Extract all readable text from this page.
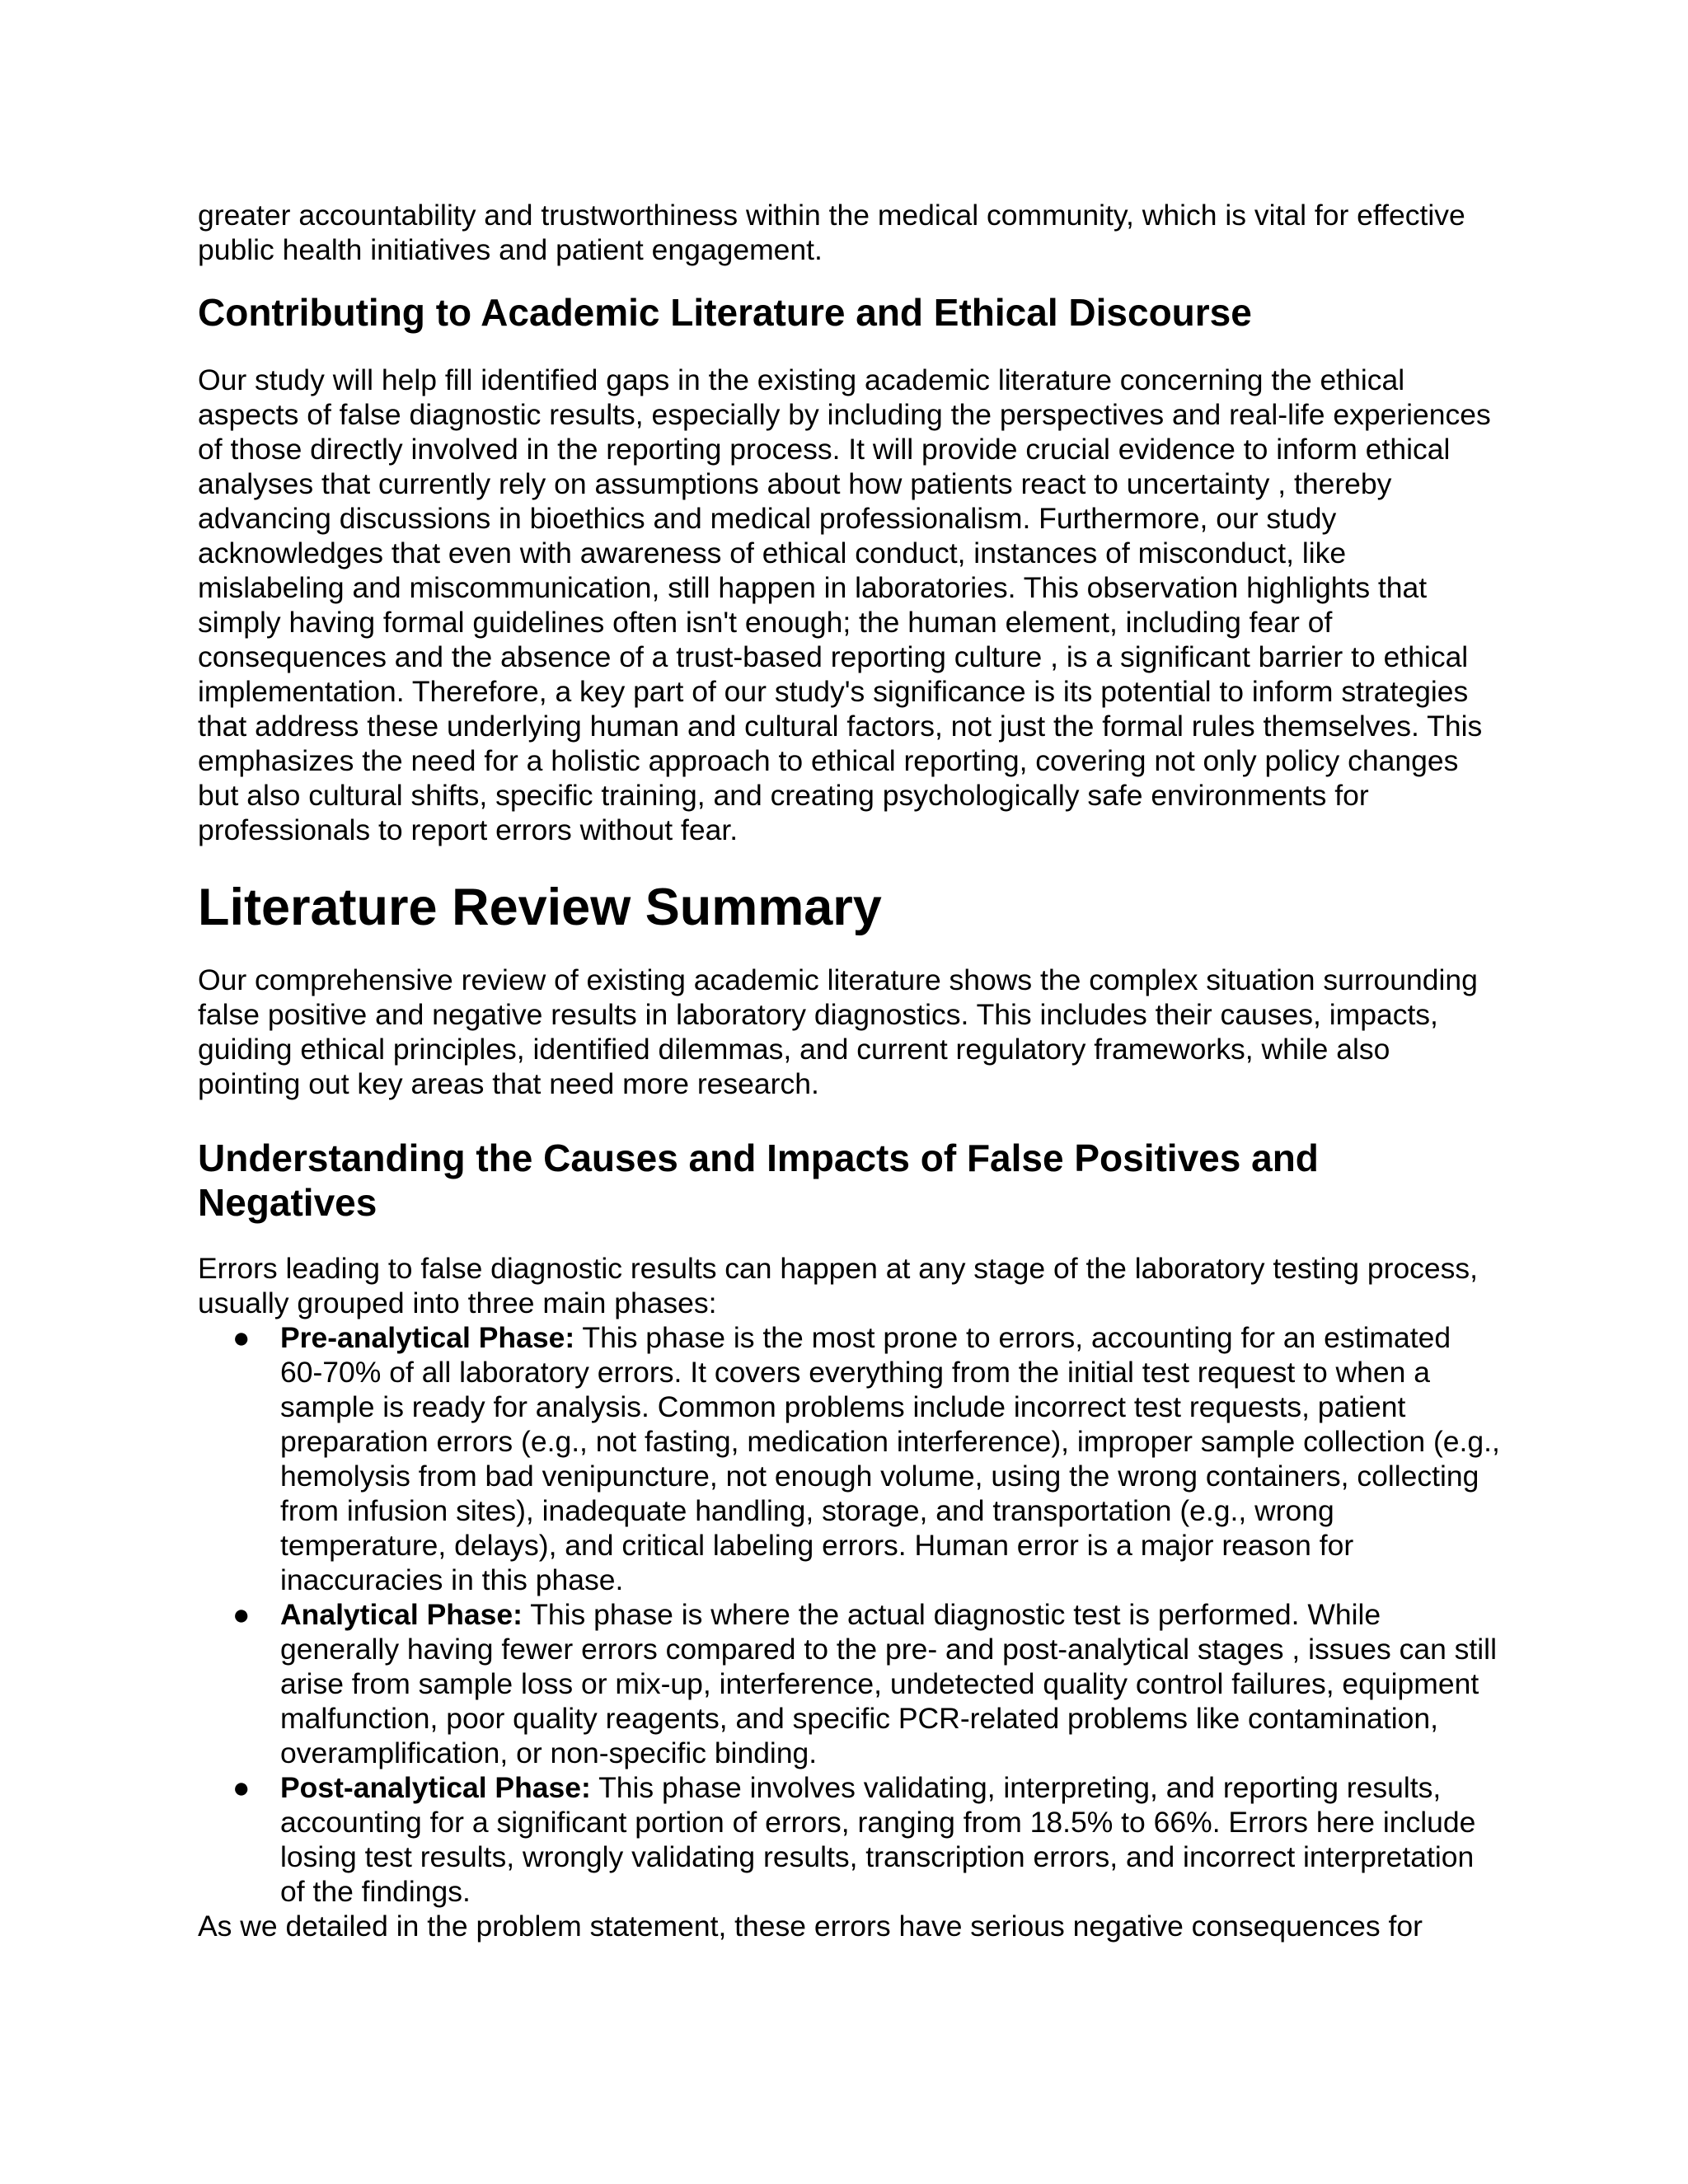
greater accountability and trustworthiness within the medical community, which is vital for effective public health initiatives and patient engagement.

Contributing to Academic Literature and Ethical Discourse

Our study will help fill identified gaps in the existing academic literature concerning the ethical aspects of false diagnostic results, especially by including the perspectives and real-life experiences of those directly involved in the reporting process. It will provide crucial evidence to inform ethical analyses that currently rely on assumptions about how patients react to uncertainty , thereby advancing discussions in bioethics and medical professionalism. Furthermore, our study acknowledges that even with awareness of ethical conduct, instances of misconduct, like mislabeling and miscommunication, still happen in laboratories. This observation highlights that simply having formal guidelines often isn't enough; the human element, including fear of consequences and the absence of a trust-based reporting culture , is a significant barrier to ethical implementation. Therefore, a key part of our study's significance is its potential to inform strategies that address these underlying human and cultural factors, not just the formal rules themselves. This emphasizes the need for a holistic approach to ethical reporting, covering not only policy changes but also cultural shifts, specific training, and creating psychologically safe environments for professionals to report errors without fear.

Literature Review Summary

Our comprehensive review of existing academic literature shows the complex situation surrounding false positive and negative results in laboratory diagnostics. This includes their causes, impacts, guiding ethical principles, identified dilemmas, and current regulatory frameworks, while also pointing out key areas that need more research.

Understanding the Causes and Impacts of False Positives and Negatives

Errors leading to false diagnostic results can happen at any stage of the laboratory testing process, usually grouped into three main phases:

● Pre-analytical Phase: This phase is the most prone to errors, accounting for an estimated 60-70% of all laboratory errors. It covers everything from the initial test request to when a sample is ready for analysis. Common problems include incorrect test requests, patient preparation errors (e.g., not fasting, medication interference), improper sample collection (e.g., hemolysis from bad venipuncture, not enough volume, using the wrong containers, collecting from infusion sites), inadequate handling, storage, and transportation (e.g., wrong temperature, delays), and critical labeling errors. Human error is a major reason for inaccuracies in this phase.
● Analytical Phase: This phase is where the actual diagnostic test is performed. While generally having fewer errors compared to the pre- and post-analytical stages , issues can still arise from sample loss or mix-up, interference, undetected quality control failures, equipment malfunction, poor quality reagents, and specific PCR-related problems like contamination, overamplification, or non-specific binding.
● Post-analytical Phase: This phase involves validating, interpreting, and reporting results, accounting for a significant portion of errors, ranging from 18.5% to 66%. Errors here include losing test results, wrongly validating results, transcription errors, and incorrect interpretation of the findings.

As we detailed in the problem statement, these errors have serious negative consequences for
